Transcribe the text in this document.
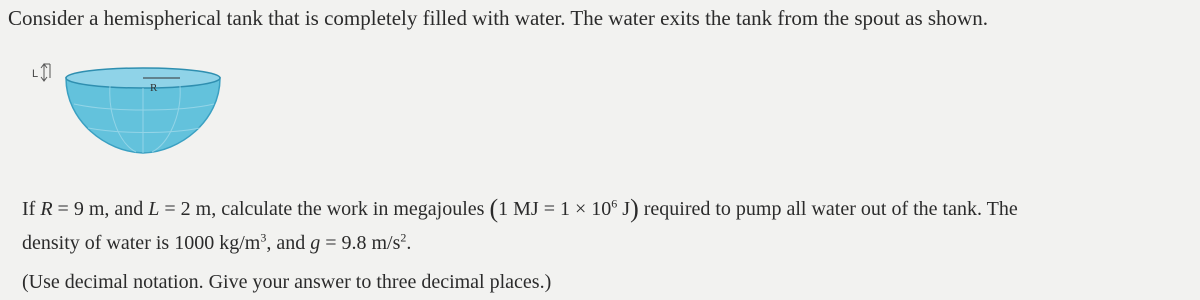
Consider a hemispherical tank that is completely filled with water. The water exits the tank from the spout as shown.
L
R
If R = 9 m, and L = 2 m, calculate the work in megajoules (1 MJ = $1 \times 10^6$ J) required to pump all water out of the tank. The
density of water is 1000 $kg/m^3$, and g = 9.8 $m/s^2$.
(Use decimal notation. Give your answer to three decimal places.)
